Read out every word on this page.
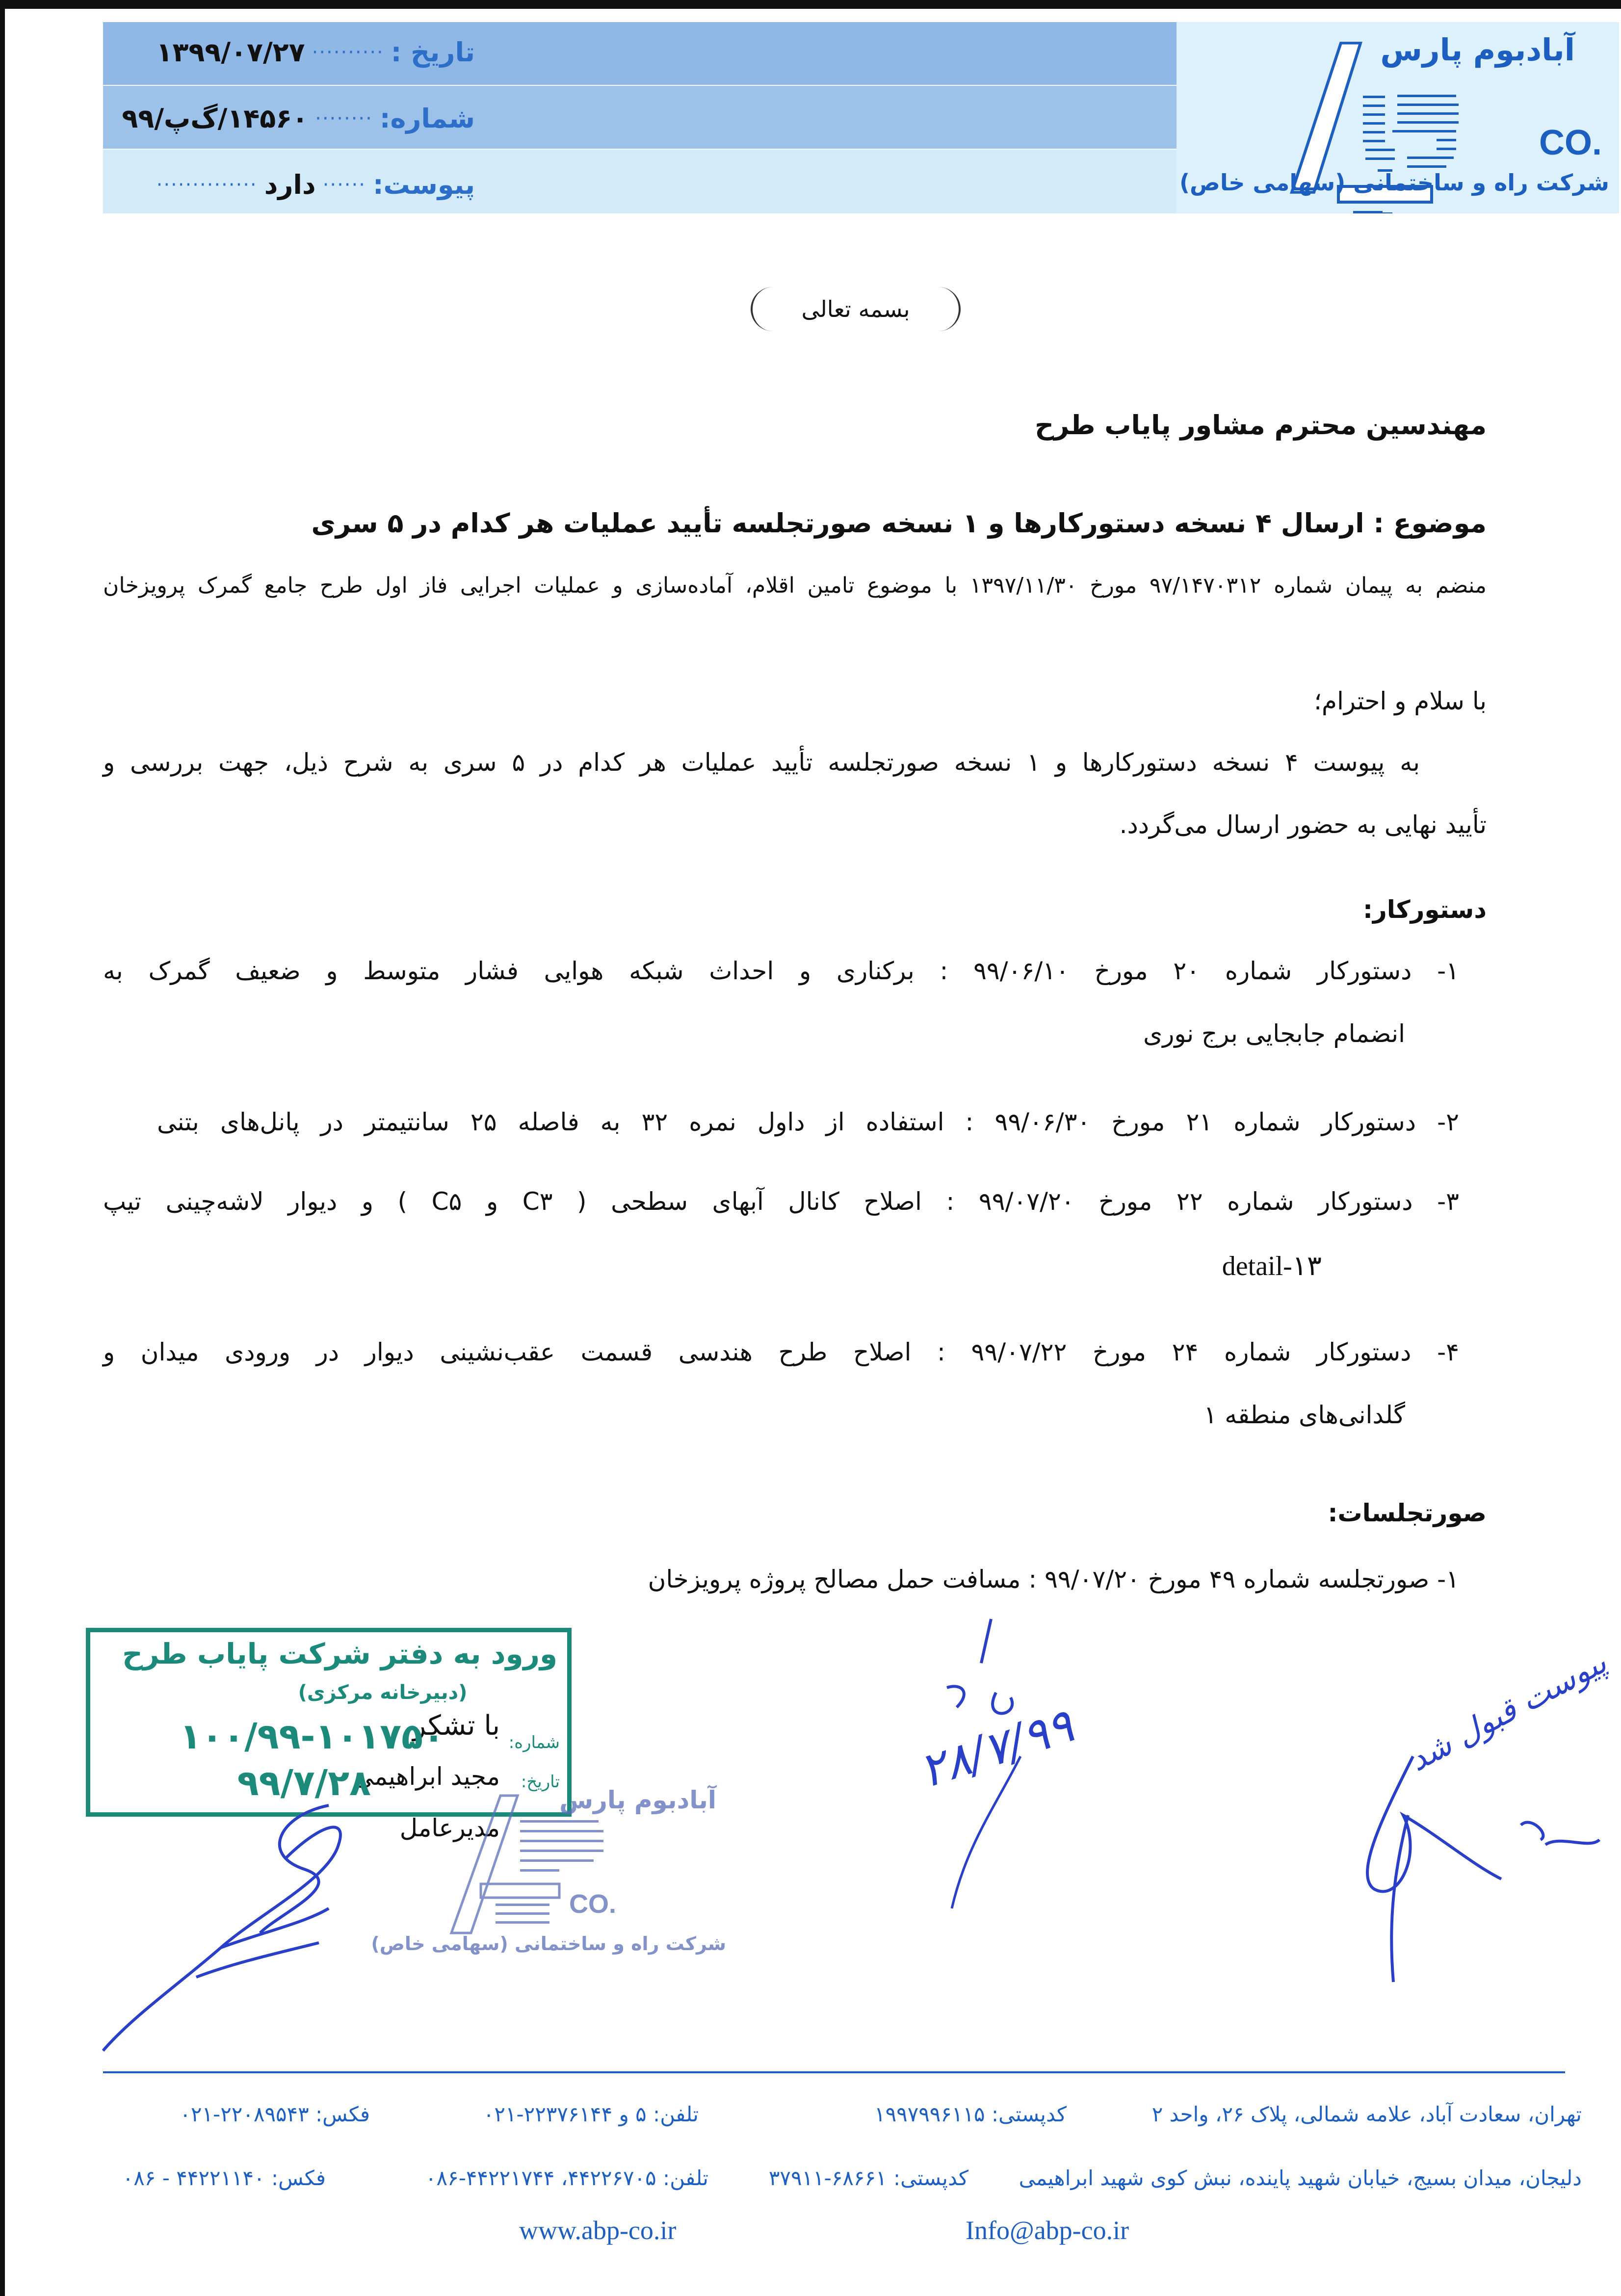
تاریخ :
··········
۱۳۹۹/۰۷/۲۷
شماره:
········
۱۴۵۶۰/گ‌پ/۹۹
پیوست:
······
دارد
··············
آبادبوم پارس
CO.
شرکت راه و ساختمانی (سهامی خاص)
بسمه تعالی
مهندسین محترم مشاور پایاب طرح
موضوع : ارسال ۴ نسخه دستورکارها و ۱ نسخه صورتجلسه تأیید عملیات هر کدام در ۵ سری
منضم به پیمان شماره ۹۷/۱۴۷۰۳۱۲ مورخ ۱۳۹۷/۱۱/۳۰ با موضوع تامین اقلام، آماده‌سازی و عملیات اجرایی فاز اول طرح جامع گمرک پرویزخان
با سلام و احترام؛
به پیوست ۴ نسخه دستورکارها و ۱ نسخه صورتجلسه تأیید عملیات هر کدام در ۵ سری به شرح ذیل، جهت بررسی و
تأیید نهایی به حضور ارسال می‌گردد.
دستورکار:
۱- دستورکار شماره ۲۰ مورخ ۹۹/۰۶/۱۰ : برکناری و احداث شبکه هوایی فشار متوسط و ضعیف گمرک به
انضمام جابجایی برج نوری
۲- دستورکار شماره ۲۱ مورخ ۹۹/۰۶/۳۰ : استفاده از داول نمره ۳۲ به فاصله ۲۵ سانتیمتر در پانل‌های بتنی
۳- دستورکار شماره ۲۲ مورخ ۹۹/۰۷/۲۰ : اصلاح کانال آبهای سطحی ( C۳ و C۵ ) و دیوار لاشه‌چینی تیپ
detail-۱۳
۴- دستورکار شماره ۲۴ مورخ ۹۹/۰۷/۲۲ : اصلاح طرح هندسی قسمت عقب‌نشینی دیوار در ورودی میدان و
گلدانی‌های منطقه ۱
صورتجلسات:
۱- صورتجلسه شماره ۴۹ مورخ ۹۹/۰۷/۲۰ : مسافت حمل مصالح پروژه پرویزخان
با تشکر
مجید ابراهیمی
مدیرعامل
ورود به دفتر شرکت پایاب طرح
(دبیرخانه مرکزی)
شماره:
۱۰۰/۹۹-۱۰۱۷۵۰
تاریخ:
۹۹/۷/۲۸	آبادبوم پارس
CO.
شرکت راه و ساختمانی (سهامی خاص)
۲۸/۷/۹۹	پیوست قبول شد
تهران، سعادت آباد، علامه شمالی، پلاک ۲۶، واحد ۲
کدپستی: ۱۹۹۷۹۹۶۱۱۵
تلفن: ۵ و ۲۲۳۷۶۱۴۴-۰۲۱
فکس: ۲۲۰۸۹۵۴۳-۰۲۱
دلیجان، میدان بسیج، خیابان شهید پاینده، نبش کوی شهید ابراهیمی
کدپستی: ۶۸۶۶۱-۳۷۹۱۱
تلفن: ۴۴۲۲۶۷۰۵، ۴۴۲۲۱۷۴۴-۰۸۶
فکس: ۴۴۲۲۱۱۴۰ - ۰۸۶
www.abp-co.ir	Info@abp-co.ir
